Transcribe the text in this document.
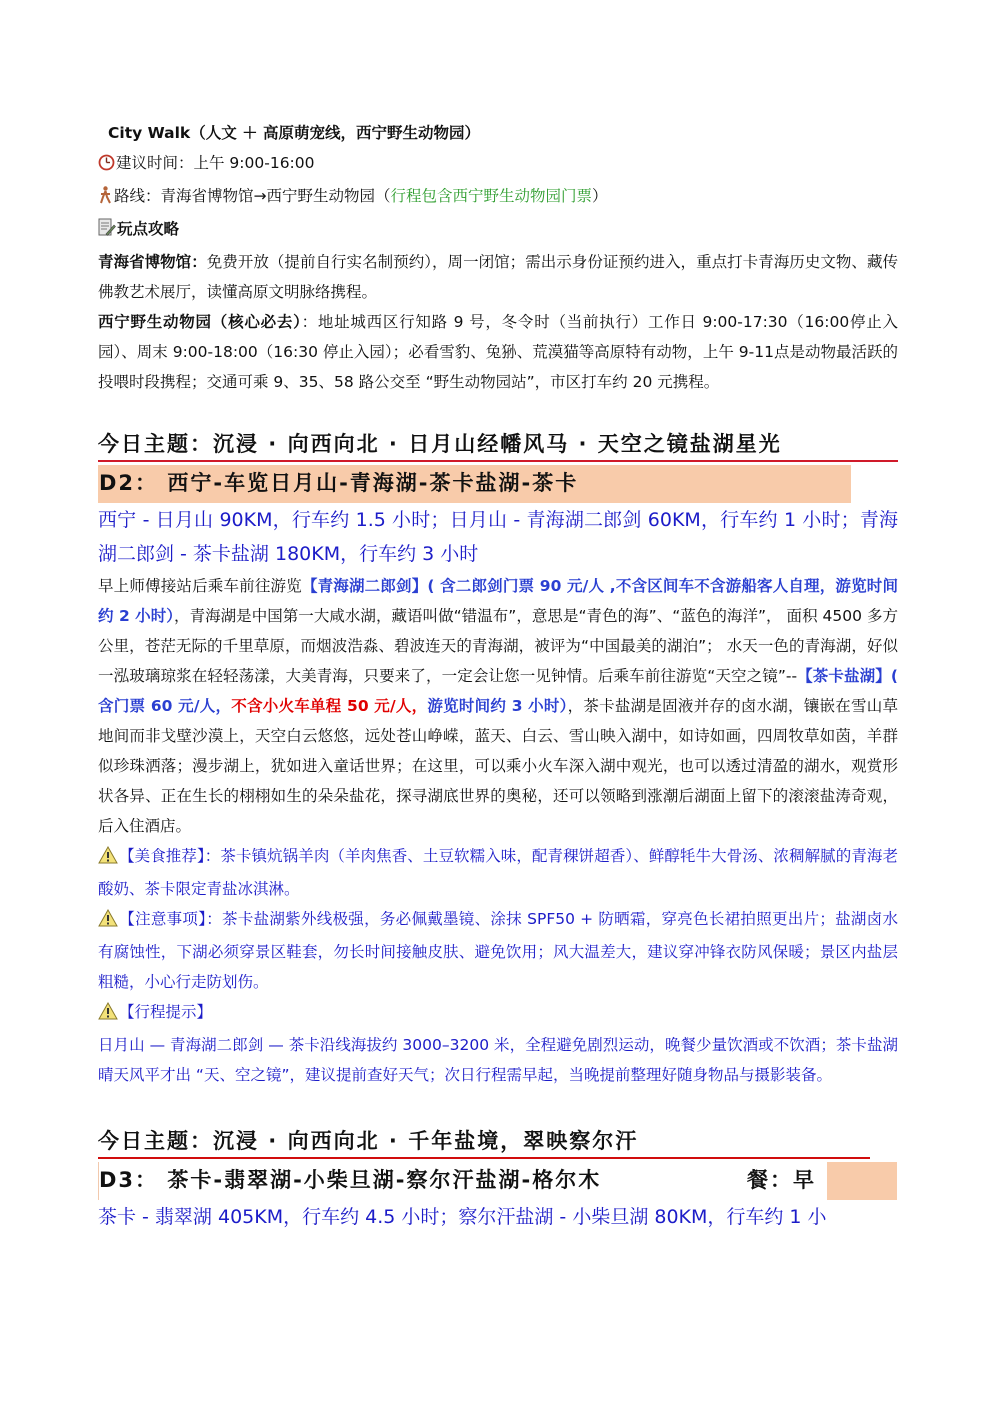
City Walk（人文 ＋ 高原萌宠线，西宁野生动物园）
建议时间：上午 9:00-16:00
路线：青海省博物馆→西宁野生动物园（行程包含西宁野生动物园门票）
玩点攻略
青海省博物馆：免费开放（提前自行实名制预约），周一闭馆；需出示身份证预约进入，重点打卡青海历史文物、藏传佛教艺术展厅，读懂高原文明脉络携程。
西宁野生动物园（核心必去）：地址城西区行知路 9 号，冬令时（当前执行）工作日 9:00-17:30（16:00停止入园）、周末 9:00-18:00（16:30 停止入园）；必看雪豹、兔狲、荒漠猫等高原特有动物，上午 9-11点是动物最活跃的投喂时段携程；交通可乘 9、35、58 路公交至 “野生动物园站”，市区打车约 20 元携程。
今日主题：沉浸 · 向西向北 · 日月山经幡风马 · 天空之镜盐湖星光
D2： 西宁-车览日月山-青海湖-茶卡盐湖-茶卡
西宁 - 日月山 90KM，行车约 1.5 小时；日月山 - 青海湖二郎剑 60KM，行车约 1 小时；青海湖二郎剑 - 茶卡盐湖 180KM，行车约 3 小时
早上师傅接站后乘车前往游览【青海湖二郎剑】( 含二郎剑门票 90 元/人 ,不含区间车不含游船客人自理，游览时间约 2 小时），青海湖是中国第一大咸水湖，藏语叫做“错温布”，意思是“青色的海”、“蓝色的海洋”， 面积 4500 多方公里，苍茫无际的千里草原，而烟波浩淼、碧波连天的青海湖，被评为“中国最美的湖泊”； 水天一色的青海湖，好似一泓玻璃琼浆在轻轻荡漾，大美青海，只要来了，一定会让您一见钟情。后乘车前往游览“天空之镜”--【茶卡盐湖】( 含门票 60 元/人，不含小火车单程 50 元/人，游览时间约 3 小时），茶卡盐湖是固液并存的卤水湖，镶嵌在雪山草地间而非戈壁沙漠上，天空白云悠悠，远处苍山峥嵘，蓝天、白云、雪山映入湖中，如诗如画，四周牧草如茵，羊群似珍珠洒落；漫步湖上，犹如进入童话世界；在这里，可以乘小火车深入湖中观光，也可以透过清盈的湖水，观赏形状各异、正在生长的栩栩如生的朵朵盐花，探寻湖底世界的奥秘，还可以领略到涨潮后湖面上留下的滚滚盐涛奇观，后入住酒店。
【美食推荐】：茶卡镇炕锅羊肉（羊肉焦香、土豆软糯入味，配青稞饼超香）、鲜醇牦牛大骨汤、浓稠解腻的青海老酸奶、茶卡限定青盐冰淇淋。
【注意事项】：茶卡盐湖紫外线极强，务必佩戴墨镜、涂抹 SPF50 + 防晒霜，穿亮色长裙拍照更出片；盐湖卤水有腐蚀性，下湖必须穿景区鞋套，勿长时间接触皮肤、避免饮用；风大温差大，建议穿冲锋衣防风保暖；景区内盐层粗糙，小心行走防划伤。
【行程提示】
日月山 — 青海湖二郎剑 — 茶卡沿线海拔约 3000–3200 米，全程避免剧烈运动，晚餐少量饮酒或不饮酒；茶卡盐湖晴天风平才出 “天、空之镜”，建议提前查好天气；次日行程需早起，当晚提前整理好随身物品与摄影装备。
今日主题：沉浸 · 向西向北 · 千年盐境，翠映察尔汗
D3： 茶卡-翡翠湖-小柴旦湖-察尔汗盐湖-格尔木	餐：早
茶卡 - 翡翠湖 405KM，行车约 4.5 小时；察尔汗盐湖 - 小柴旦湖 80KM，行车约 1 小
